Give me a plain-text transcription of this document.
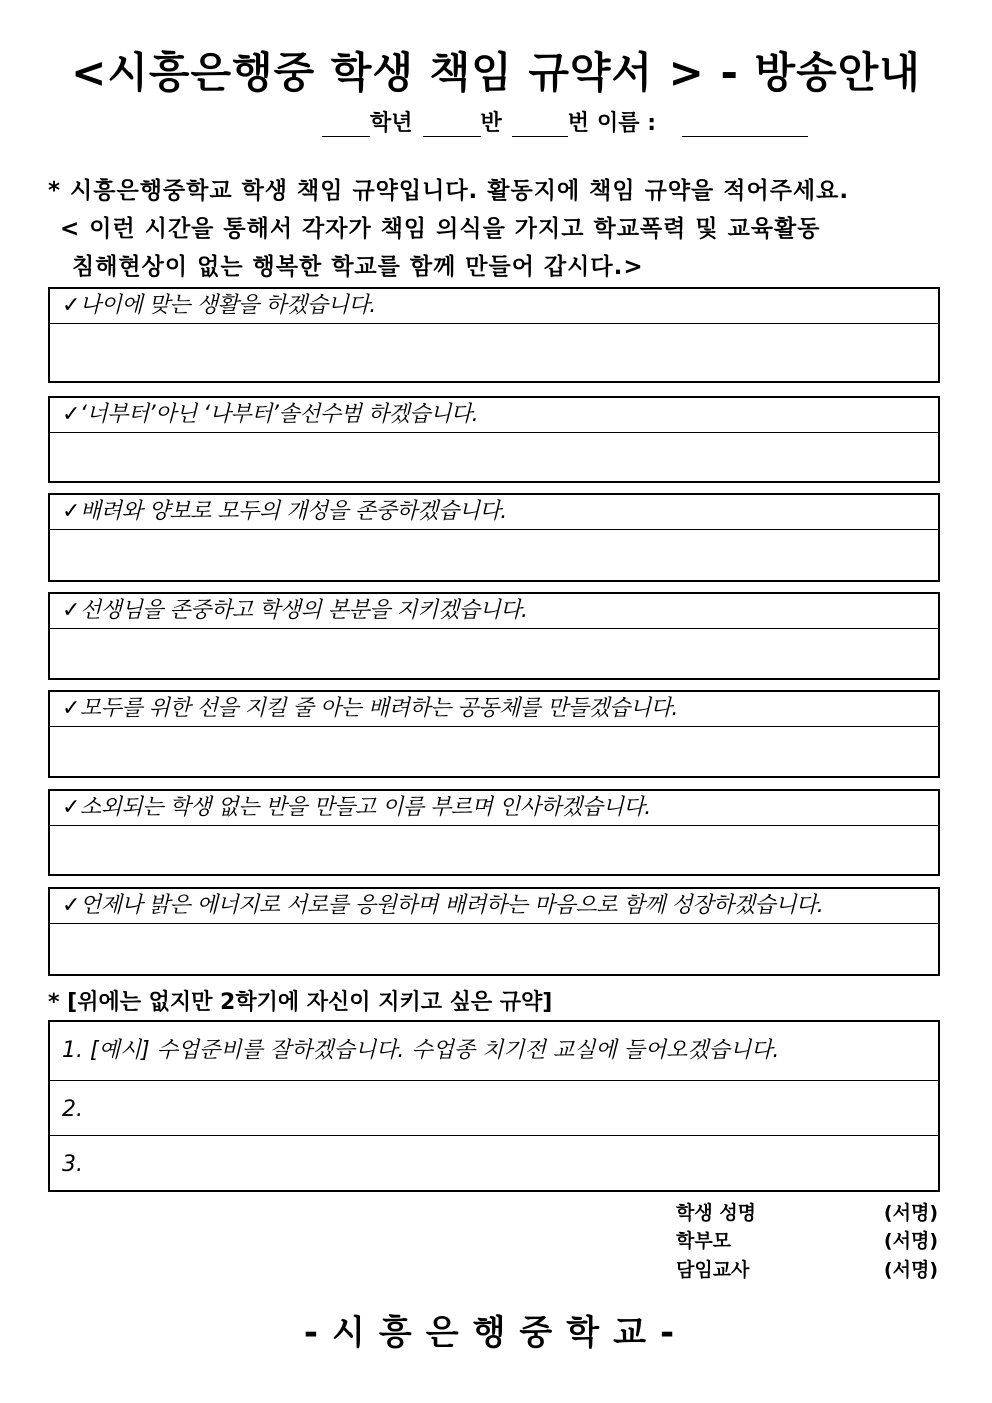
<시흥은행중 학생 책임 규약서 > - 방송안내
학년	반	번 이름 :
* 시흥은행중학교 학생 책임 규약입니다. 활동지에 책임 규약을 적어주세요.
< 이런 시간을 통해서 각자가 책임 의식을 가지고 학교폭력 및 교육활동
침해현상이 없는 행복한 학교를 함께 만들어 갑시다.>
✓나이에 맞는 생활을 하겠습니다.
✓‘너부터’아닌 ‘나부터’솔선수범 하겠습니다.
✓배려와 양보로 모두의 개성을 존중하겠습니다.
✓선생님을 존중하고 학생의 본분을 지키겠습니다.
✓모두를 위한 선을 지킬 줄 아는 배려하는 공동체를 만들겠습니다.
✓소외되는 학생 없는 반을 만들고 이름 부르며 인사하겠습니다.
✓언제나 밝은 에너지로 서로를 응원하며 배려하는 마음으로 함께 성장하겠습니다.
* [위에는 없지만 2학기에 자신이 지키고 싶은 규약]
1. [예시] 수업준비를 잘하겠습니다. 수업종 치기전 교실에 들어오겠습니다.
2.
3.
학생 성명	(서명)
학부모	(서명)
담임교사	(서명)
-시흥은행중학교-
